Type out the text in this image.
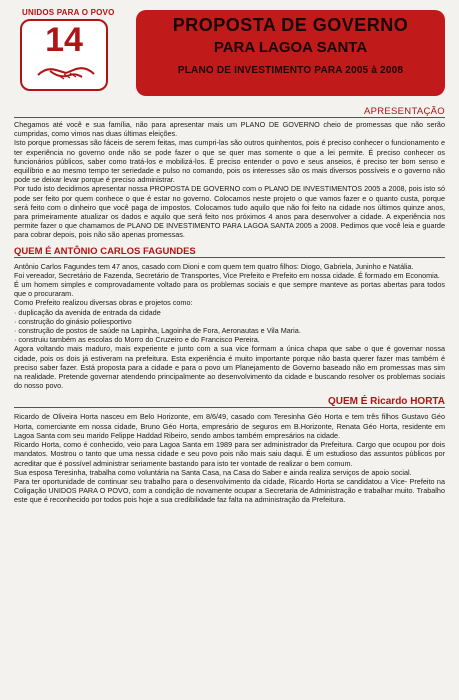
UNIDOS PARA O POVO
14	PROPOSTA DE GOVERNO
PARA LAGOA SANTA
PLANO DE INVESTIMENTO PARA 2005 à 2008
APRESENTAÇÃO

Chegamos até você e sua família, não para apresentar mais um PLANO DE GOVERNO cheio de promessas que não serão cumpridas, como vimos nas duas últimas eleições.

Isto porque promessas são fáceis de serem feitas, mas cumpri-las são outros quinhentos, pois é preciso conhecer o funcionamento e ter experiência no governo onde não se pode fazer o que se quer mas somente o que a lei permite. É preciso conhecer os funcionários públicos, saber como tratá-los e mobilizá-los. É preciso entender o povo e seus anseios, é preciso ter bom senso e equilíbrio e ao mesmo tempo ter seriedade e pulso no comando, pois os interesses são os mais diversos possíveis e o governo não pode se deixar levar porque é preciso administrar.

Por tudo isto decidimos apresentar nossa PROPOSTA DE GOVERNO com o PLANO DE INVESTIMENTOS 2005 a 2008, pois isto só pode ser feito por quem conhece o que é estar no governo. Colocamos neste projeto o que vamos fazer e o quanto custa, porque será feito com o dinheiro que você paga de impostos. Colocamos tudo aquilo que não foi feito na cidade nos últimos quinze anos, para primeiramente atualizar os dados e aquilo que será feito nos próximos 4 anos para desenvolver a cidade. A experiência nos permite fazer o que chamamos de PLANO DE INVESTIMENTO PARA LAGOA SANTA 2005 a 2008. Pedimos que você leia e guarde para cobrar depois, pois não são apenas promessas.

QUEM É ANTÔNIO CARLOS FAGUNDES

Antônio Carlos Fagundes tem 47 anos, casado com Dioni e com quem tem quatro filhos: Diogo, Gabriela, Juninho e Natália.

Foi vereador, Secretário de Fazenda, Secretário de Transportes, Vice Prefeito e Prefeito em nossa cidade. É formado em Economia.

É um homem simples e comprovadamente voltado para os problemas sociais e que sempre manteve as portas abertas para todos que o procuraram.

Como Prefeito realizou diversas obras e projetos como:

· duplicação da avenida de entrada da cidade

· construção do ginásio poliesportivo

· construção de postos de saúde na Lapinha, Lagoinha de Fora, Aeronautas e Vila Maria.

· construiu também as escolas do Morro do Cruzeiro e do Francisco Pereira.

Agora voltando mais maduro, mais experiente e junto com a sua vice formam a única chapa que sabe o que é governar nossa cidade, pois os dois já estiveram na prefeitura. Esta experiência é muito importante porque não basta querer fazer mas também é preciso saber fazer. Está proposta para a cidade e para o povo um Planejamento de Governo baseado não em promessas mas sim na realidade. Pretende governar atendendo principalmente ao desenvolvimento da cidade e buscando resolver os problemas sociais do nosso povo.

QUEM É Ricardo HORTA

Ricardo de Oliveira Horta nasceu em Belo Horizonte, em 8/6/49, casado com Teresinha Géo Horta e tem três filhos Gustavo Géo Horta, comerciante em nossa cidade, Bruno Géo Horta, empresário de seguros em B.Horizonte, Renata Géo Horta, residente em Lagoa Santa com seu marido Felippe Haddad Ribeiro, sendo ambos também empresários na cidade.

Ricardo Horta, como é conhecido, veio para Lagoa Santa em 1989 para ser administrador da Prefeitura. Cargo que ocupou por dois mandatos. Mostrou o tanto que uma nessa cidade e seu povo pois não mais saiu daqui. É um estudioso das assuntos públicos por acreditar que é possível administrar seriamente bastando para isto ter vontade de realizar o bem comum.

Sua esposa Teresinha, trabalha como voluntária na Santa Casa, na Casa do Saber e ainda realiza serviços de apoio social.

Para ter oportunidade de continuar seu trabalho para o desenvolvimento da cidade, Ricardo Horta se candidatou a Vice- Prefeito na Coligação UNIDOS PARA O POVO, com a condição de novamente ocupar a Secretaria de Administração e trabalhar muito. Trabalho este que é reconhecido por todos pois hoje a sua credibilidade faz falta na administração da Prefeitura.
